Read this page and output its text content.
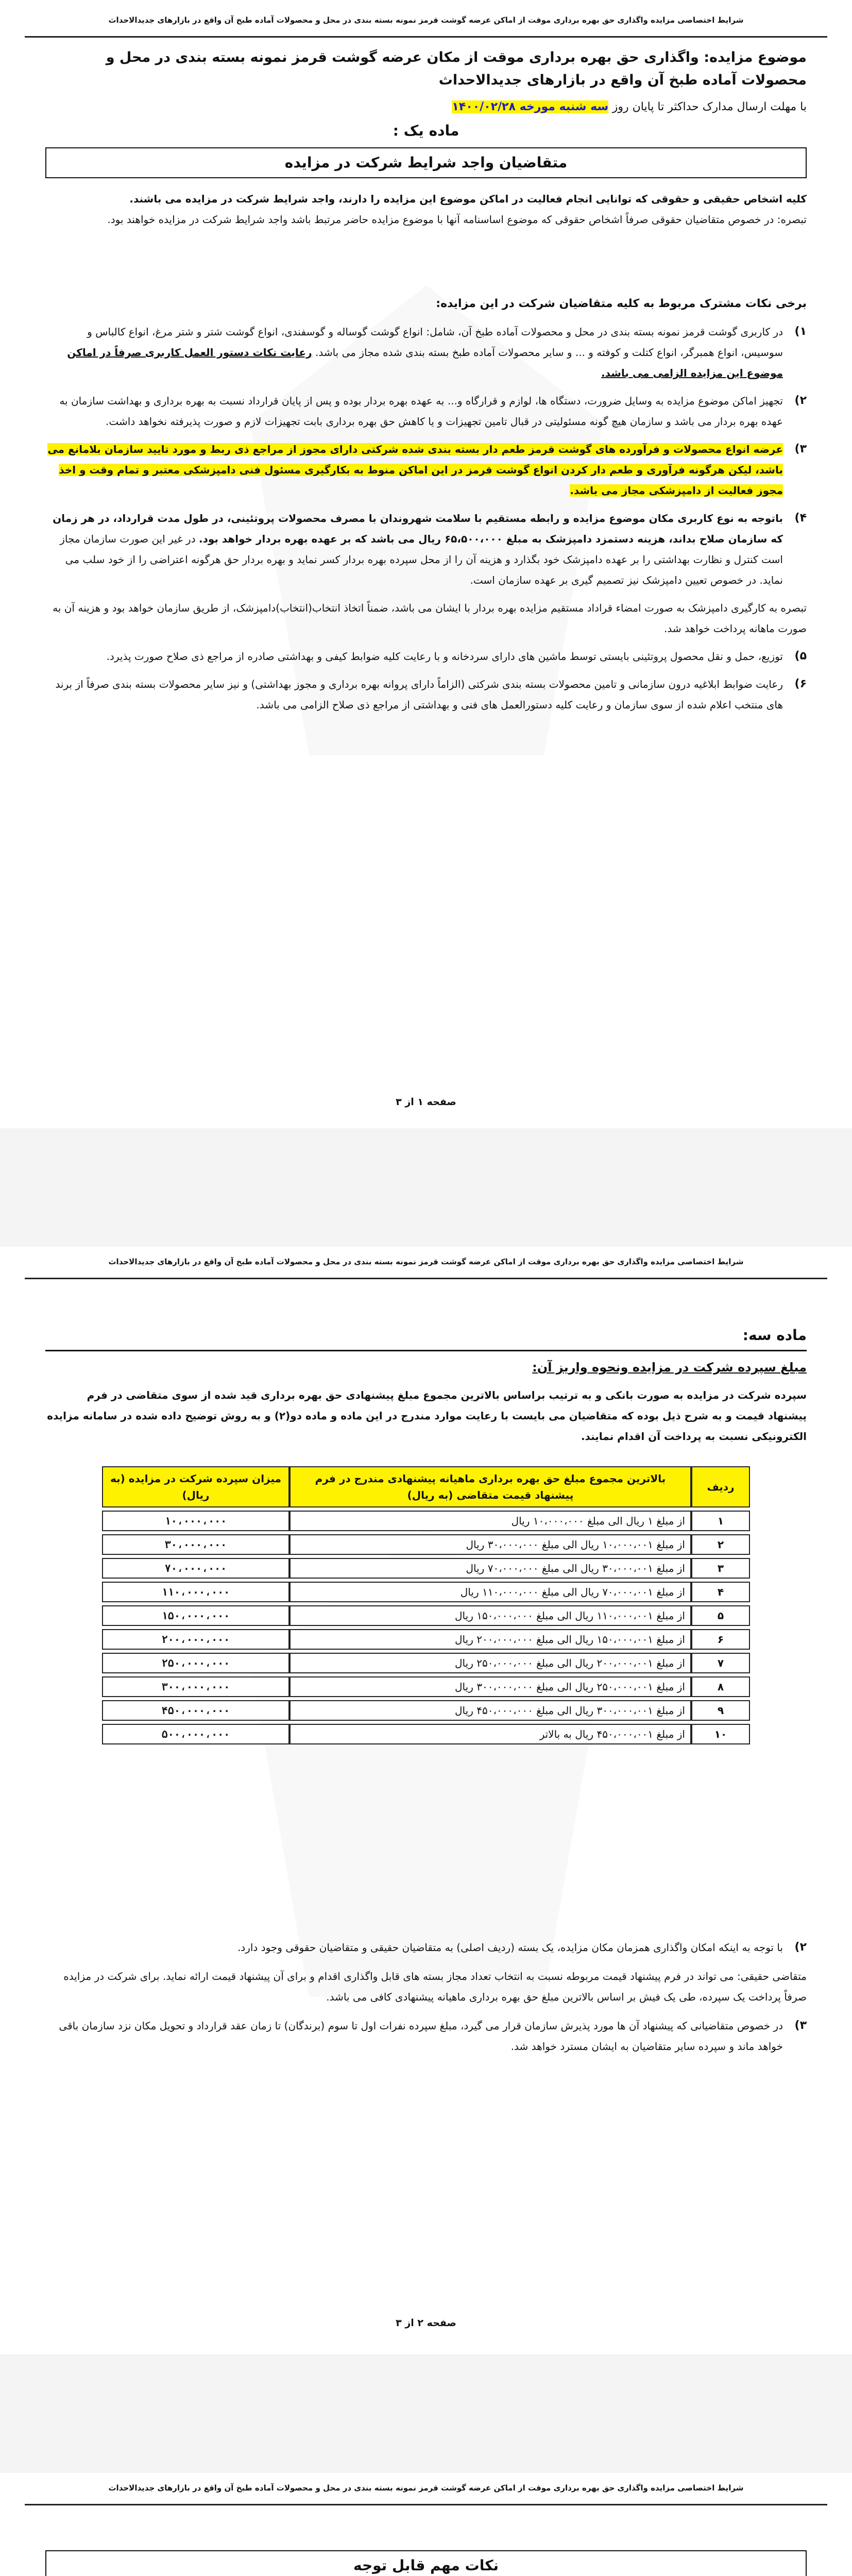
شرایط اختصاصی مزایده واگذاری حق بهره برداری موقت از اماکن عرضه گوشت قرمز نمونه بسته بندی در محل و محصولات آماده طبخ آن واقع در بازارهای جدیدالاحداث
موضوع مزایده: واگذاری حق بهره برداری موقت از مکان عرضه گوشت قرمز نمونه بسته بندی در محل و محصولات آماده طبخ آن واقع در بازارهای جدیدالاحداث
با مهلت ارسال مدارک حداکثر تا پایان روز سه شنبه مورخه ۱۴۰۰/۰۲/۲۸
ماده یک :
متقاضیان واجد شرایط شرکت در مزایده
کلیه اشخاص حقیقی و حقوقی که توانایی انجام فعالیت در اماکن موضوع این مزایده را دارند، واجد شرایط شرکت در مزایده می باشند.
تبصره: در خصوص متقاضیان حقوقی صرفاً اشخاص حقوقی که موضوع اساسنامه آنها با موضوع مزایده حاضر مرتبط باشد واجد شرایط شرکت در مزایده خواهند بود.
برخی نکات مشترک مربوط به کلیه متقاضیان شرکت در این مزایده:
۱)
در کاربری گوشت قرمز نمونه بسته بندی در محل و محصولات آماده طبخ آن، شامل: انواع گوشت گوساله و گوسفندی، انواع گوشت شتر و شتر مرغ، انواع کالباس و سوسیس، انواع همبرگر، انواع کتلت و کوفته و ... و سایر محصولات آماده طبخ بسته بندی شده مجاز می باشد. رعایت نکات دستور العمل کاربری صرفاً در اماکن موضوع این مزایده الزامی می باشد.
۲)
تجهیز اماکن موضوع مزایده به وسایل ضرورت، دستگاه ها، لوازم و قرارگاه و... به عهده بهره بردار بوده و پس از پایان قرارداد نسبت به بهره برداری و بهداشت سازمان به عهده بهره بردار می باشد و سازمان هیچ گونه مسئولیتی در قبال تامین تجهیزات و یا کاهش حق بهره برداری بابت تجهیزات لازم و صورت پذیرفته نخواهد داشت.
۳)
عرضه انواع محصولات و فرآورده های گوشت قرمز طعم دار بسته بندی شده شرکتی دارای مجوز از مراجع ذی ربط و مورد تایید سازمان بلامانع می باشد، لیکن هرگونه فرآوری و طعم دار کردن انواع گوشت قرمز در این اماکن منوط به بکارگیری مسئول فنی دامپزشکی معتبر و تمام وقت و اخذ مجوز فعالیت از دامپزشکی مجاز می باشد.
۴)
باتوجه به نوع کاربری مکان موضوع مزایده و رابطه مستقیم با سلامت شهروندان با مصرف محصولات پروتئینی، در طول مدت قرارداد، در هر زمان که سازمان صلاح بداند، هزینه دستمزد دامپزشک به مبلغ ۶۵،۵۰۰،۰۰۰ ریال می باشد که بر عهده بهره بردار خواهد بود. در غیر این صورت سازمان مجاز است کنترل و نظارت بهداشتی را بر عهده دامپزشک خود بگذارد و هزینه آن را از محل سپرده بهره بردار کسر نماید و بهره بردار حق هرگونه اعتراضی را از خود سلب می نماید. در خصوص تعیین دامپزشک نیز تصمیم گیری بر عهده سازمان است.
تبصره به کارگیری دامپزشک به صورت امضاء قراداد مستقیم مزایده بهره بردار با ایشان می باشد، ضمناً اتخاذ انتخاب(انتخاب)دامپزشک، از طریق سازمان خواهد بود و هزینه آن به صورت ماهانه پرداخت خواهد شد.
۵)
توزیع، حمل و نقل محصول پروتئینی بایستی توسط ماشین های دارای سردخانه و با رعایت کلیه ضوابط کیفی و بهداشتی صادره از مراجع ذی صلاح صورت پذیرد.
۶)
رعایت ضوابط ابلاغیه درون سازمانی و تامین محصولات بسته بندی شرکتی (الزاماً دارای پروانه بهره برداری و مجوز بهداشتی) و نیز سایر محصولات بسته بندی صرفاً از برند های منتخب اعلام شده از سوی سازمان و رعایت کلیه دستورالعمل های فنی و بهداشتی از مراجع ذی صلاح الزامی می باشد.
صفحه ۱ از ۳
شرایط اختصاصی مزایده واگذاری حق بهره برداری موقت از اماکن عرضه گوشت قرمز نمونه بسته بندی در محل و محصولات آماده طبخ آن واقع در بازارهای جدیدالاحداث
ماده سه:
مبلغ سپرده شرکت در مزایده ونحوه واریز آن:
سپرده شرکت در مزایده به صورت بانکی و به ترتیب براساس بالاترین مجموع مبلغ پیشنهادی حق بهره برداری قید شده از سوی متقاضی در فرم پیشنهاد قیمت و به شرح ذیل بوده که متقاضیان می بایست با رعایت موارد مندرج در این ماده و ماده دو(۲) و به روش توضیح داده شده در سامانه مزایده الکترونیکی نسبت به پرداخت آن اقدام نمایند.
ردیف	بالاترین مجموع مبلغ حق بهره برداری ماهیانه پیشنهادی مندرج در فرم پیشنهاد قیمت متقاضی (به ریال)	میزان سپرده شرکت در مزایده (به ریال)
۱	از مبلغ ۱ ریال الی مبلغ ۱۰،۰۰۰،۰۰۰ ریال	۱۰،۰۰۰،۰۰۰
۲	از مبلغ ۱۰،۰۰۰،۰۰۱ ریال الی مبلغ ۳۰،۰۰۰،۰۰۰ ریال	۳۰،۰۰۰،۰۰۰
۳	از مبلغ ۳۰،۰۰۰،۰۰۱ ریال الی مبلغ ۷۰،۰۰۰،۰۰۰ ریال	۷۰،۰۰۰،۰۰۰
۴	از مبلغ ۷۰،۰۰۰،۰۰۱ ریال الی مبلغ ۱۱۰،۰۰۰،۰۰۰ ریال	۱۱۰،۰۰۰،۰۰۰
۵	از مبلغ ۱۱۰،۰۰۰،۰۰۱ ریال الی مبلغ ۱۵۰،۰۰۰،۰۰۰ ریال	۱۵۰،۰۰۰،۰۰۰
۶	از مبلغ ۱۵۰،۰۰۰،۰۰۱ ریال الی مبلغ ۲۰۰،۰۰۰،۰۰۰ ریال	۲۰۰،۰۰۰،۰۰۰
۷	از مبلغ ۲۰۰،۰۰۰،۰۰۱ ریال الی مبلغ ۲۵۰،۰۰۰،۰۰۰ ریال	۲۵۰،۰۰۰،۰۰۰
۸	از مبلغ ۲۵۰،۰۰۰،۰۰۱ ریال الی مبلغ ۳۰۰،۰۰۰،۰۰۰ ریال	۳۰۰،۰۰۰،۰۰۰
۹	از مبلغ ۳۰۰،۰۰۰،۰۰۱ ریال الی مبلغ ۴۵۰،۰۰۰،۰۰۰ ریال	۴۵۰،۰۰۰،۰۰۰
۱۰	از مبلغ ۴۵۰،۰۰۰،۰۰۱ ریال به بالاتر	۵۰۰،۰۰۰،۰۰۰
۲)
با توجه به اینکه امکان واگذاری همزمان مکان مزایده، یک بسته (ردیف اصلی) به متقاضیان حقیقی و متقاضیان حقوقی وجود دارد.
متقاضی حقیقی: می تواند در فرم پیشنهاد قیمت مربوطه نسبت به انتخاب تعداد مجاز بسته های قابل واگذاری اقدام و برای آن پیشنهاد قیمت ارائه نماید. برای شرکت در مزایده صرفاً پرداخت یک سپرده، طی یک فیش بر اساس بالاترین مبلغ حق بهره برداری ماهیانه پیشنهادی کافی می باشد.
۳)
در خصوص متقاضیانی که پیشنهاد آن ها مورد پذیرش سازمان قرار می گیرد، مبلغ سپرده نفرات اول تا سوم (برندگان) تا زمان عقد قرارداد و تحویل مکان نزد سازمان باقی خواهد ماند و سپرده سایر متقاضیان به ایشان مسترد خواهد شد.
صفحه ۲ از ۳
شرایط اختصاصی مزایده واگذاری حق بهره برداری موقت از اماکن عرضه گوشت قرمز نمونه بسته بندی در محل و محصولات آماده طبخ آن واقع در بازارهای جدیدالاحداث
نکات مهم قابل توجه
